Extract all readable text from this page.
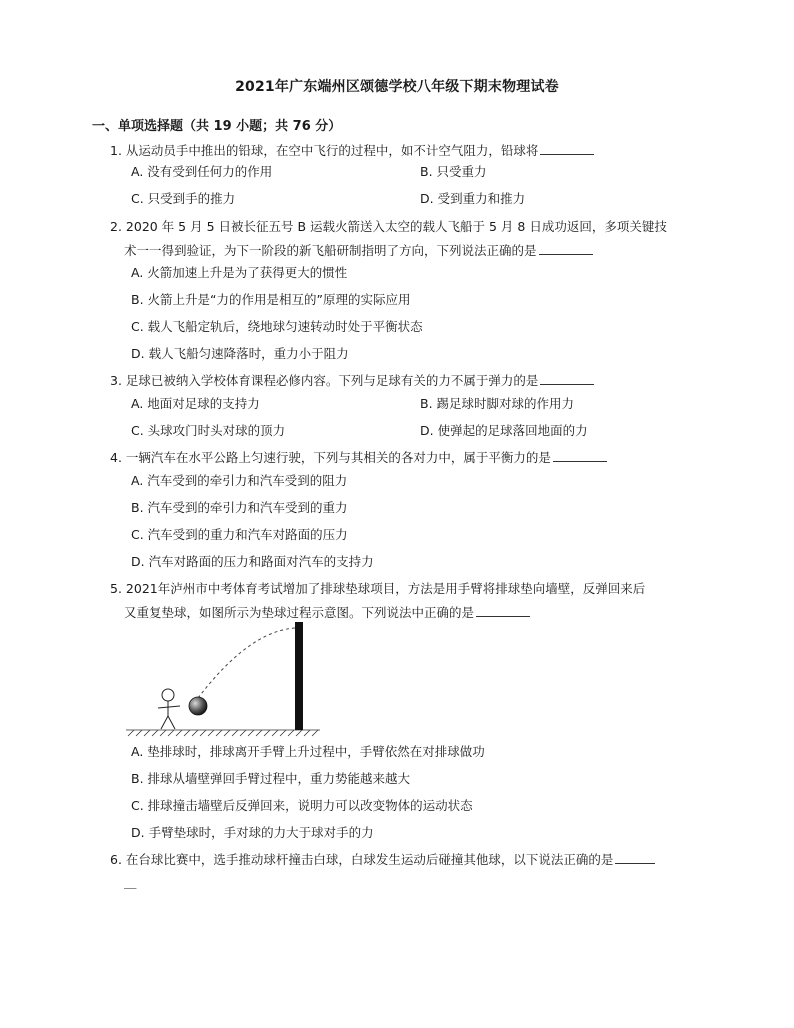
2021年广东端州区颂德学校八年级下期末物理试卷
一、单项选择题（共 19 小题；共 76 分）
1. 从运动员手中推出的铅球，在空中飞行的过程中，如不计空气阻力，铅球将
A. 没有受到任何力的作用	B. 只受重力
C. 只受到手的推力	D. 受到重力和推力
2. 2020 年 5 月 5 日被长征五号 B 运载火箭送入太空的载人飞船于 5 月 8 日成功返回，多项关键技
术一一得到验证，为下一阶段的新飞船研制指明了方向，下列说法正确的是
A. 火箭加速上升是为了获得更大的惯性
B. 火箭上升是“力的作用是相互的”原理的实际应用
C. 载人飞船定轨后，绕地球匀速转动时处于平衡状态
D. 载人飞船匀速降落时，重力小于阻力
3. 足球已被纳入学校体育课程必修内容。下列与足球有关的力不属于弹力的是
A. 地面对足球的支持力	B. 踢足球时脚对球的作用力
C. 头球攻门时头对球的顶力	D. 使弹起的足球落回地面的力
4. 一辆汽车在水平公路上匀速行驶，下列与其相关的各对力中，属于平衡力的是
A. 汽车受到的牵引力和汽车受到的阻力
B. 汽车受到的牵引力和汽车受到的重力
C. 汽车受到的重力和汽车对路面的压力
D. 汽车对路面的压力和路面对汽车的支持力
5. 2021年泸州市中考体育考试增加了排球垫球项目，方法是用手臂将排球垫向墙壁，反弹回来后
又重复垫球，如图所示为垫球过程示意图。下列说法中正确的是
A. 垫排球时，排球离开手臂上升过程中，手臂依然在对排球做功
B. 排球从墙壁弹回手臂过程中，重力势能越来越大
C. 排球撞击墙壁后反弹回来，说明力可以改变物体的运动状态
D. 手臂垫球时，手对球的力大于球对手的力
6. 在台球比赛中，选手推动球杆撞击白球，白球发生运动后碰撞其他球，以下说法正确的是
＿
